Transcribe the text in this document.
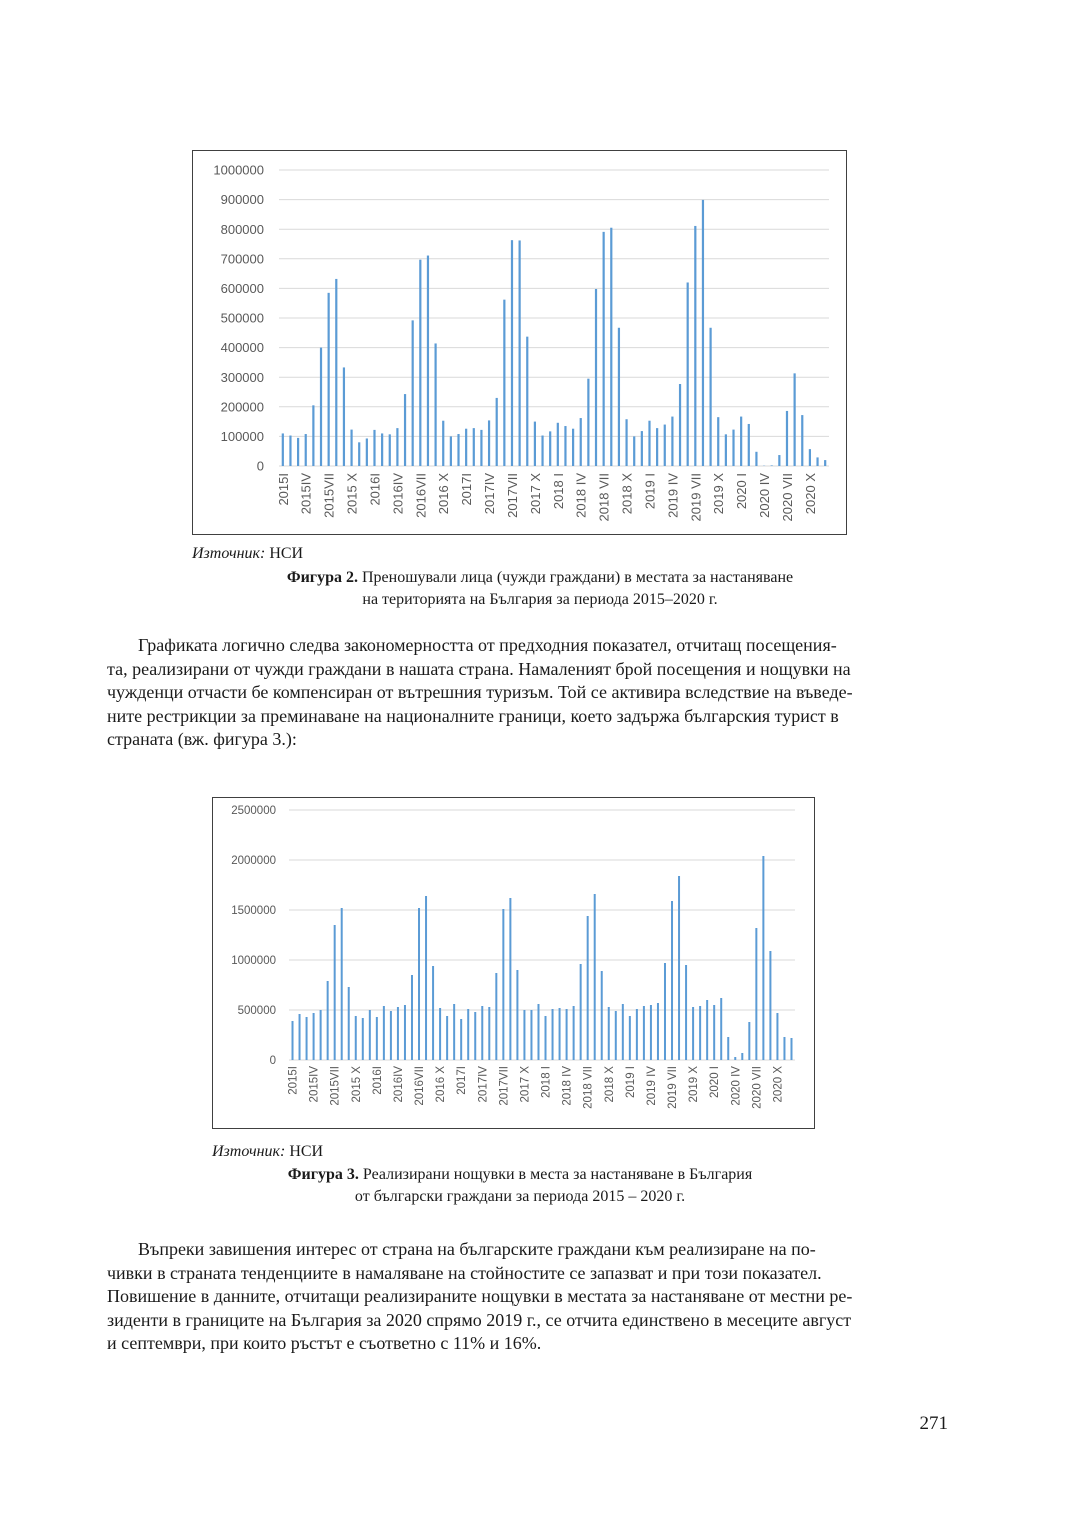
1000000
900000
800000
700000
600000
500000
400000
300000
200000
100000
0
2015I 2015IV 2015VII 2015 X 2016I 2016IV 2016VII 2016 X 2017I 2017IV 2017VII 2017 X 2018 I 2018 IV 2018 VII 2018 X 2019 I 2019 IV 2019 VII 2019 X 2020 I 2020 IV 2020 VII 2020 X
Източник: НСИ
Фигура 2. Преношували лица (чужди граждани) в местата за настаняване
на територията на България за периода 2015–2020 г.
Графиката логично следва закономерността от предходния показател, отчитащ посещения-
та, реализирани от чужди граждани в нашата страна. Намаленият брой посещения и нощувки на
чужденци отчасти бе компенсиран от вътрешния туризъм. Той се активира вследствие на въведе-
ните рестрикции за преминаване на националните граници, което задържа българския турист в
страната (вж. фигура 3.):
2500000
2000000
1500000
1000000
500000
0
2015I 2015IV 2015VII 2015 X 2016I 2016IV 2016VII 2016 X 2017I 2017IV 2017VII 2017 X 2018 I 2018 IV 2018 VII 2018 X 2019 I 2019 IV 2019 VII 2019 X 2020 I 2020 IV 2020 VII 2020 X
Източник: НСИ
Фигура 3. Реализирани нощувки в места за настаняване в България
от български граждани за периода 2015 – 2020 г.
Въпреки завишения интерес от страна на българските граждани към реализиране на по-
чивки в страната тенденциите в намаляване на стойностите се запазват и при този показател.
Повишение в данните, отчитащи реализираните нощувки в местата за настаняване от местни ре-
зиденти в границите на България за 2020 спрямо 2019 г., се отчита единствено в месеците август
и септември, при които ръстът е съответно с 11% и 16%.
271
